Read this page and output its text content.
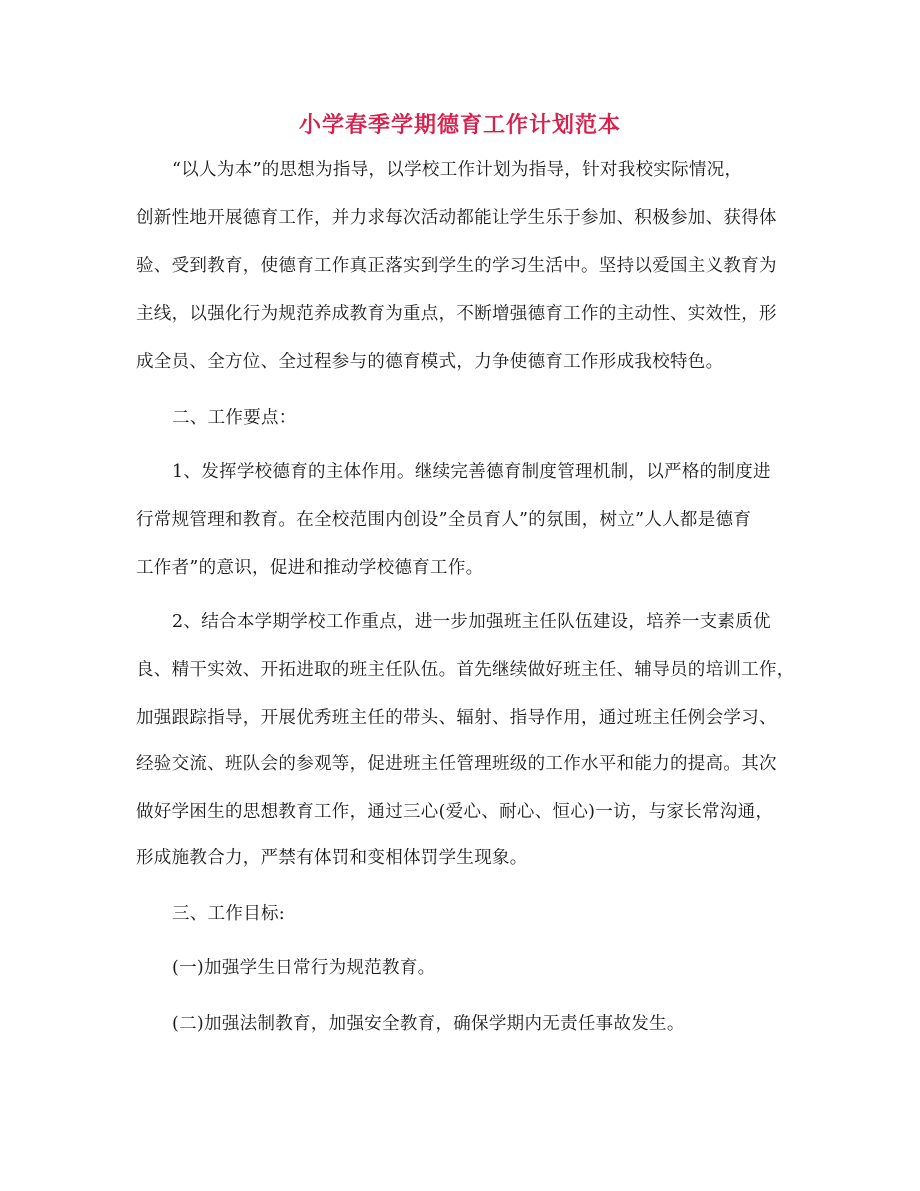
小学春季学期德育工作计划范本
“以人为本”的思想为指导，以学校工作计划为指导，针对我校实际情况，
创新性地开展德育工作，并力求每次活动都能让学生乐于参加、积极参加、获得体
验、受到教育，使德育工作真正落实到学生的学习生活中。坚持以爱国主义教育为
主线，以强化行为规范养成教育为重点，不断增强德育工作的主动性、实效性，形
成全员、全方位、全过程参与的德育模式，力争使德育工作形成我校特色。
二、工作要点：
1、发挥学校德育的主体作用。继续完善德育制度管理机制，以严格的制度进
行常规管理和教育。在全校范围内创设”全员育人”的氛围，树立”人人都是德育
工作者”的意识，促进和推动学校德育工作。
2、结合本学期学校工作重点，进一步加强班主任队伍建设，培养一支素质优
良、精干实效、开拓进取的班主任队伍。首先继续做好班主任、辅导员的培训工作，
加强跟踪指导，开展优秀班主任的带头、辐射、指导作用，通过班主任例会学习、
经验交流、班队会的参观等，促进班主任管理班级的工作水平和能力的提高。其次
做好学困生的思想教育工作，通过三心(爱心、耐心、恒心)一访，与家长常沟通，
形成施教合力，严禁有体罚和变相体罚学生现象。
三、工作目标:
(一)加强学生日常行为规范教育。
(二)加强法制教育，加强安全教育，确保学期内无责任事故发生。
